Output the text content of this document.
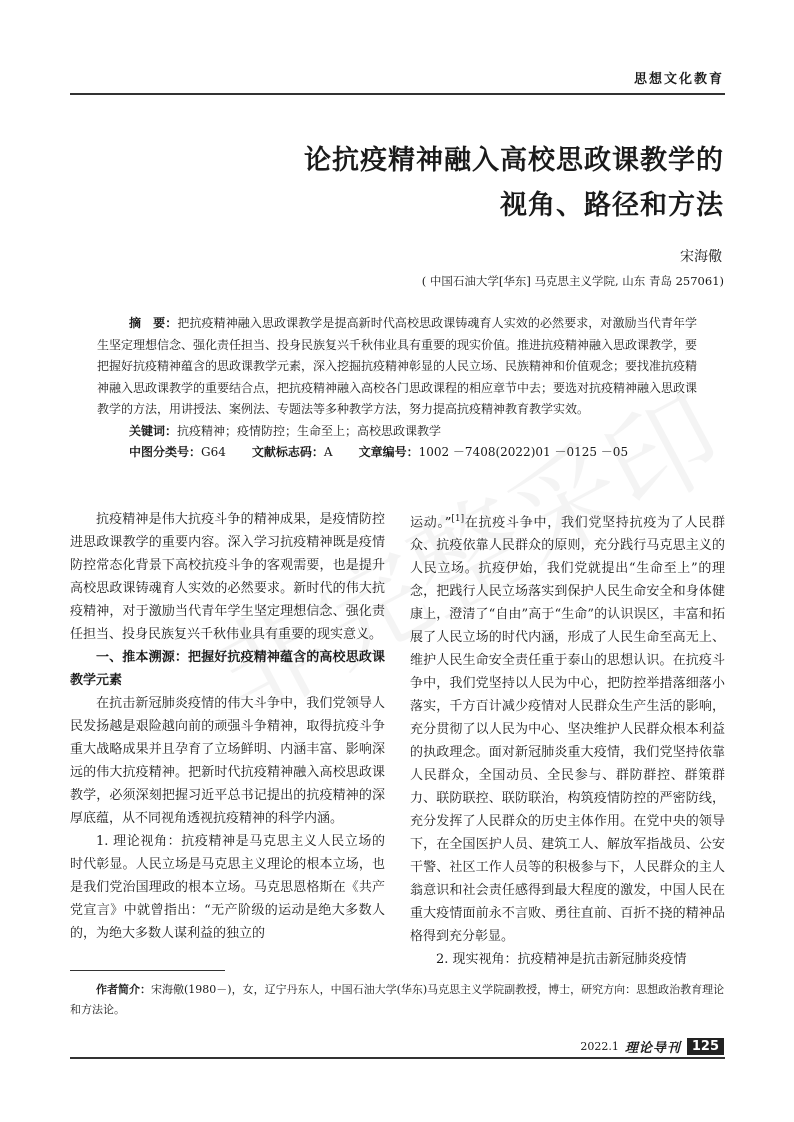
思想文化教育
论抗疫精神融入高校思政课教学的
视角、路径和方法
宋海儆
( 中国石油大学[华东] 马克思主义学院, 山东 青岛 257061)

摘　要：把抗疫精神融入思政课教学是提高新时代高校思政课铸魂育人实效的必然要求，对激励当代青年学生坚定理想信念、强化责任担当、投身民族复兴千秋伟业具有重要的现实价值。推进抗疫精神融入思政课教学，要把握好抗疫精神蕴含的思政课教学元素，深入挖掘抗疫精神彰显的人民立场、民族精神和价值观念；要找准抗疫精神融入思政课教学的重要结合点，把抗疫精神融入高校各门思政课程的相应章节中去；要选对抗疫精神融入思政课教学的方法，用讲授法、案例法、专题法等多种教学方法，努力提高抗疫精神教育教学实效。

关键词：抗疫精神；疫情防控；生命至上；高校思政课教学

中图分类号：G64 文献标志码：A 文章编号：1002 －7408(2022)01 －0125 －05

抗疫精神是伟大抗疫斗争的精神成果，是疫情防控进思政课教学的重要内容。深入学习抗疫精神既是疫情防控常态化背景下高校抗疫斗争的客观需要，也是提升高校思政课铸魂育人实效的必然要求。新时代的伟大抗疫精神，对于激励当代青年学生坚定理想信念、强化责任担当、投身民族复兴千秋伟业具有重要的现实意义。

一、推本溯源：把握好抗疫精神蕴含的高校思政课教学元素

在抗击新冠肺炎疫情的伟大斗争中，我们党领导人民发扬越是艰险越向前的顽强斗争精神，取得抗疫斗争重大战略成果并且孕育了立场鲜明、内涵丰富、影响深远的伟大抗疫精神。把新时代抗疫精神融入高校思政课教学，必须深刻把握习近平总书记提出的抗疫精神的深厚底蕴，从不同视角透视抗疫精神的科学内涵。

1. 理论视角：抗疫精神是马克思主义人民立场的时代彰显。人民立场是马克思主义理论的根本立场，也是我们党治国理政的根本立场。马克思恩格斯在《共产党宣言》中就曾指出：“无产阶级的运动是绝大多数人的，为绝大多数人谋利益的独立的

运动。”[1]在抗疫斗争中，我们党坚持抗疫为了人民群众、抗疫依靠人民群众的原则，充分践行马克思主义的人民立场。抗疫伊始，我们党就提出“生命至上”的理念，把践行人民立场落实到保护人民生命安全和身体健康上，澄清了“自由”高于“生命”的认识误区，丰富和拓展了人民立场的时代内涵，形成了人民生命至高无上、维护人民生命安全责任重于泰山的思想认识。在抗疫斗争中，我们党坚持以人民为中心，把防控举措落细落小落实，千方百计减少疫情对人民群众生产生活的影响，充分贯彻了以人民为中心、坚决维护人民群众根本利益的执政理念。面对新冠肺炎重大疫情，我们党坚持依靠人民群众，全国动员、全民参与、群防群控、群策群力、联防联控、联防联治，构筑疫情防控的严密防线，充分发挥了人民群众的历史主体作用。在党中央的领导下，在全国医护人员、建筑工人、解放军指战员、公安干警、社区工作人员等的积极参与下，人民群众的主人翁意识和社会责任感得到最大程度的激发，中国人民在重大疫情面前永不言败、勇往直前、百折不挠的精神品格得到充分彰显。

2. 现实视角：抗疫精神是抗击新冠肺炎疫情

作者简介：宋海儆(1980－)，女，辽宁丹东人，中国石油大学(华东)马克思主义学院副教授，博士，研究方向：思想政治教育理论和方法论。
2022.1 理论导刊 125
